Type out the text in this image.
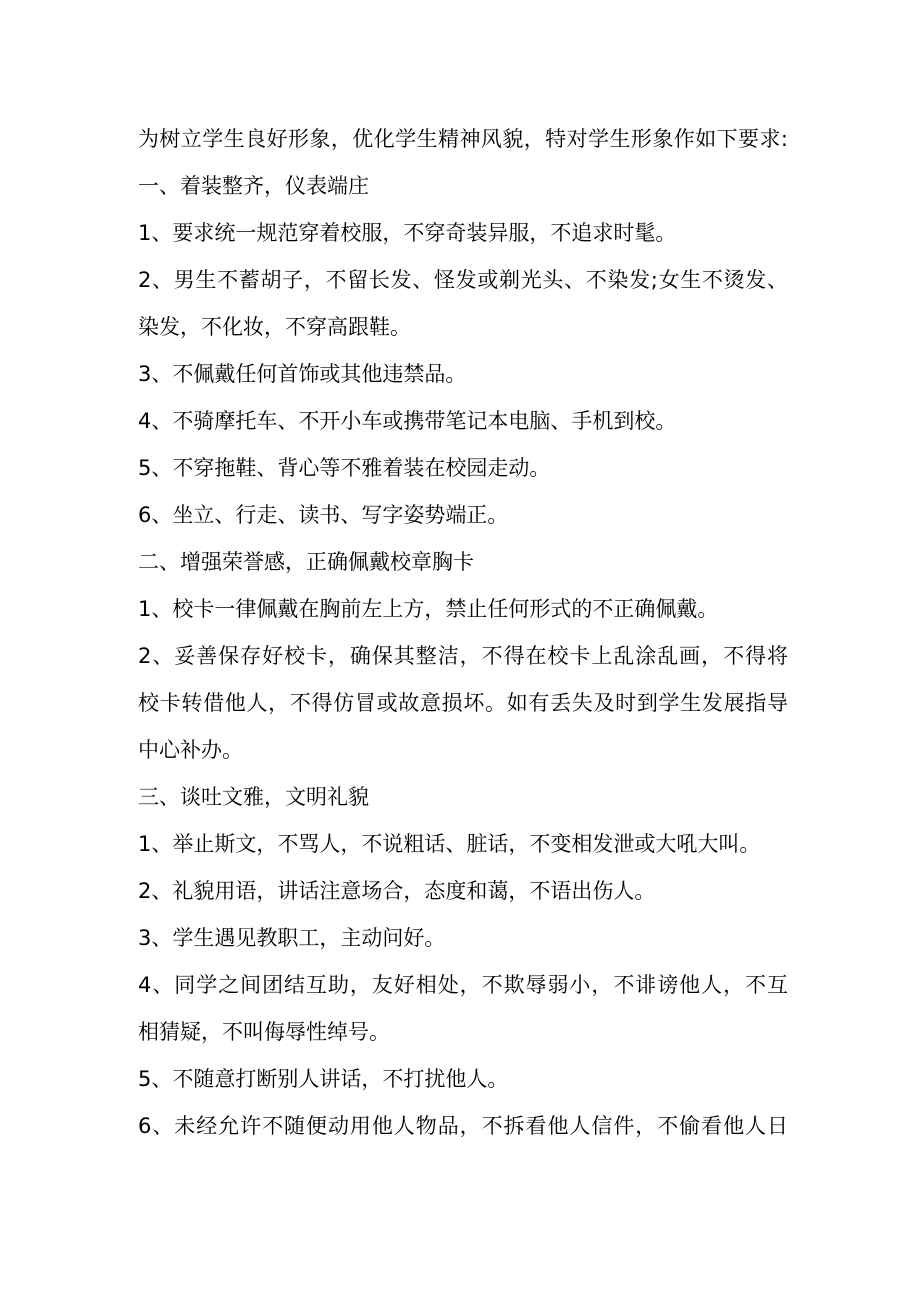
为树立学生良好形象，优化学生精神风貌，特对学生形象作如下要求:
一、着装整齐，仪表端庄
1、要求统一规范穿着校服，不穿奇装异服，不追求时髦。
2、男生不蓄胡子，不留长发、怪发或剃光头、不染发;女生不烫发、
染发，不化妆，不穿高跟鞋。
3、不佩戴任何首饰或其他违禁品。
4、不骑摩托车、不开小车或携带笔记本电脑、手机到校。
5、不穿拖鞋、背心等不雅着装在校园走动。
6、坐立、行走、读书、写字姿势端正。
二、增强荣誉感，正确佩戴校章胸卡
1、校卡一律佩戴在胸前左上方，禁止任何形式的不正确佩戴。
2、妥善保存好校卡，确保其整洁，不得在校卡上乱涂乱画，不得将
校卡转借他人，不得仿冒或故意损坏。如有丢失及时到学生发展指导
中心补办。
三、谈吐文雅，文明礼貌
1、举止斯文，不骂人，不说粗话、脏话，不变相发泄或大吼大叫。
2、礼貌用语，讲话注意场合，态度和蔼，不语出伤人。
3、学生遇见教职工，主动问好。
4、同学之间团结互助，友好相处，不欺辱弱小，不诽谤他人，不互
相猜疑，不叫侮辱性绰号。
5、不随意打断别人讲话，不打扰他人。
6、未经允许不随便动用他人物品，不拆看他人信件，不偷看他人日
